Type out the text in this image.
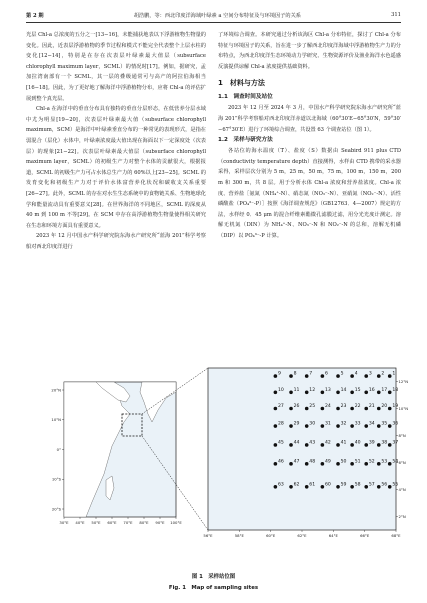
第 2 期	胡浩鹏，等：西北印度洋海域叶绿素 a 空间分布特征及与环境因子的关系	311

光层 Chl-a 总浓度的五分之一[13−16]，未能捕获地表以下浮游植物生物量的变化。因此，近表层浮游植物的季节过程和模式不能完全代表整个上层水柱的变化[12−14]，特别是在存在次表层叶绿素最大值层（subsurface chlorophyll maximum layer，SCML）的情况时[17]。例如，据研究，孟加拉湾南部有一个 SCML，其一层的叠级通常可与高产的阿拉伯海相当[16−18]。因此，为了更好地了解海洋中浮游植物分布，应将 Chl-a 的评估扩展到整个真光层。

Chl-a 在海洋中的垂直分布具有独特的垂直分层形态，在低营养分层水域中尤为明显[19−20]，次表层叶绿素最大值（subsurface chlorophyll maximum，SCM）是海洋中叶绿素垂直分布的一种常见的表现形式，是指在弱混合（层化）水体中，叶绿素浓度最大值出现在海面以下一定深度处（次表层）的现象[21−22]。次表层叶绿素最大值层（subsurface chlorophyll maximum layer，SCML）的初级生产力对整个水体的贡献很大，根据报道，SCML 的初级生产力可占水体总生产力的 60%以上[23−25]。SCML 的发育变化和初级生产力对于评价水体富营养化状况和碳收支关系重要[26−27]。此外，SCML 的存在对水生生态系统中的食物链关系、生物地球化学和能量流动具有重要意义[28]。在世界海洋的不同地区，SCML 的深度从 40 m 到 100 m 不等[29]。在 SCM 中存在高浮游植物生物量使得相关研究在生态和环境方面具有重要意义。

2023 年 12 月中国水产科学研究院东海水产研究所“蓝海 201”科学考察船对西北印度洋进行

了环境综合调查。本研究通过分析该海区 Chl-a 分布特征，探讨了 Chl-a 分布特征与环境因子的关系，旨在进一步了解西北印度洋海域中浮游植物生产力的分布特点，为西北印度洋生态环境动力学研究、生物资源评价及渔业海洋水色遥感反演提供谅解 Chl-a 浓度提供基础资料。

1　材料与方法
1.1　调查时间及站位

2023 年 12 月至 2024 年 3 月，中国水产科学研究院东海水产研究所“蓝海 201”科学考察船对西北印度洋赤道以北海域（60°30′E−65°30′N，59°30′−67°30′E）进行了环境综合调查，共设置 63 个调查站位（图 1）。

1.2　采样与研究方法

各站位的海水温度（T）、盐度（S）数据由 Seabird 911 plus CTD（conductivity temperature depth）直接测得，水样由 CTD 携带的采水器采得，采样层次分别为 5 m，25 m，50 m，75 m，100 m，150 m，200 m 和 300 m，共 8 层。用于分析水体 Chl-a 浓度和营养盐浓度。Chl-a 浓度、营养盐［氨氮（NH₄⁺-N）、硝态氮（NO₃⁻-N）、亚硝氮（NO₂⁻-N）、活性磷酸盐（PO₄³⁻-P）］按照《海洋调查规范》（GB12763．4—2007）规定的方法，水样经 0．45 μm 的混合纤维素酯微孔滤膜过滤，用分光光度计测定。溶解无机氮（DIN）为 NH₄⁺-N、NO₃⁻-N 和 NO₂⁻-N 的总和，溶解无机磷（DIP）以 PO₄³⁻-P 计算。

30°E 40°E 50°E 60°E 70°E 80°E 90°E 100°E
20°N
10°N
0°
10°S
20°S
56°E	58°E	60°E	62°E	64°E	66°E	68°E
12°N
10°N
8°N
6°N
4°N
2°N
9	8	7	6	5 4 3 2 1
10 11 12 13 14 15 16 17 18
27 26 25 24 23 22 21 20 19
28 29 30 31 32 33 34 35 36
45 44 43 42 41 40 39 38 37
46 47 48 49 50 51 52 53 54
63 62 61 60 59 58 57 56 55
图 1　采样站位图
Fig. 1　Map of sampling sites
